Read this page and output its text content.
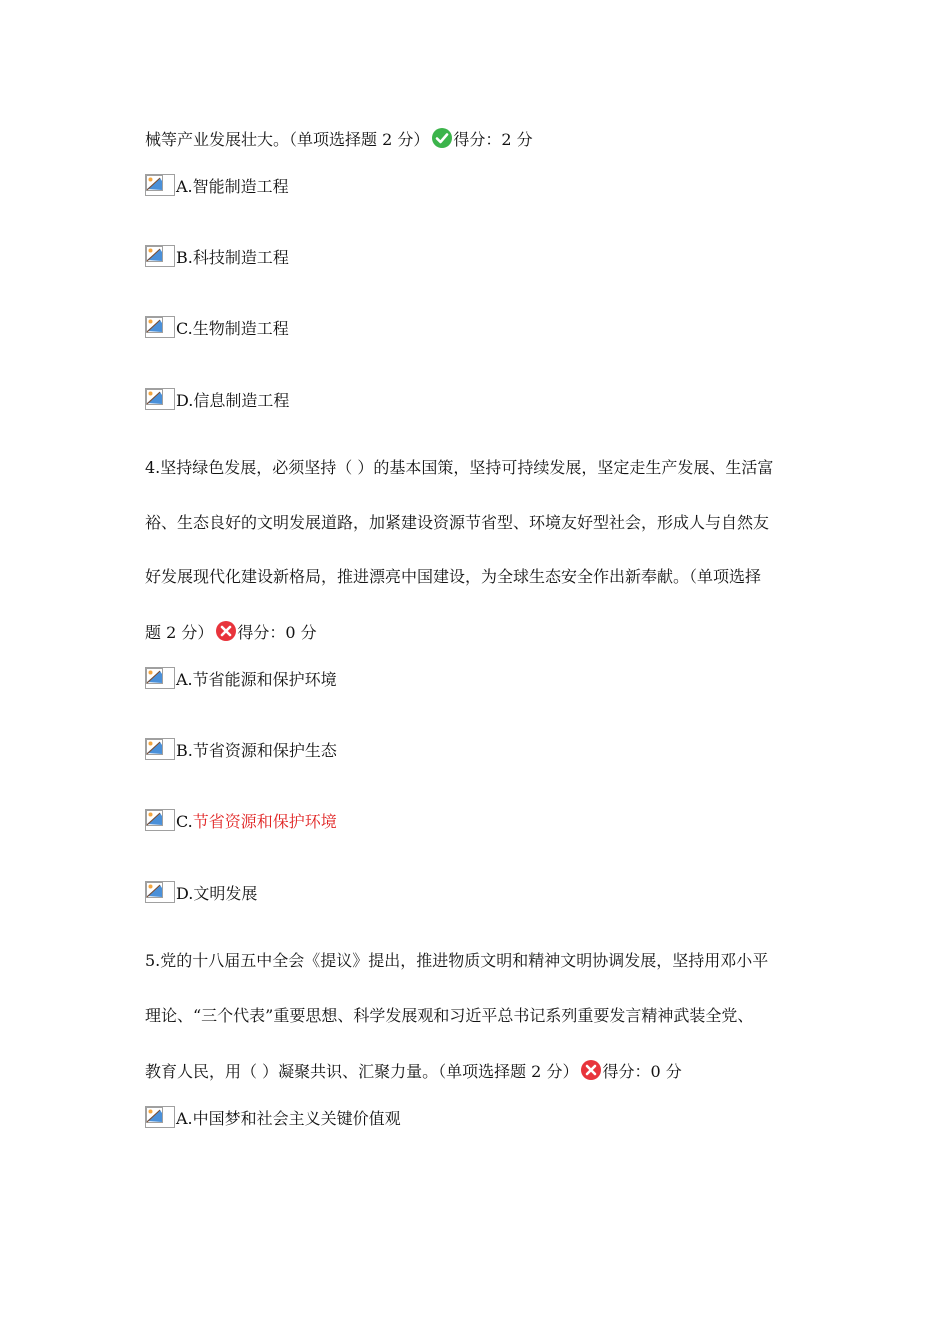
械等产业发展壮大。（单项选择题 2 分） 得分：2 分
A.智能制造工程
B.科技制造工程
C.生物制造工程
D.信息制造工程
4.坚持绿色发展，必须坚持（ ）的基本国策，坚持可持续发展，坚定走生产发展、生活富
裕、生态良好的文明发展道路，加紧建设资源节省型、环境友好型社会，形成人与自然友
好发展现代化建设新格局，推进漂亮中国建设，为全球生态安全作出新奉献。（单项选择
题 2 分） 得分：0 分
A.节省能源和保护环境
B.节省资源和保护生态
C.节省资源和保护环境
D.文明发展
5.党的十八届五中全会《提议》提出，推进物质文明和精神文明协调发展，坚持用邓小平
理论、“三个代表”重要思想、科学发展观和习近平总书记系列重要发言精神武装全党、
教育人民，用（ ）凝聚共识、汇聚力量。（单项选择题 2 分） 得分：0 分
A.中国梦和社会主义关键价值观
